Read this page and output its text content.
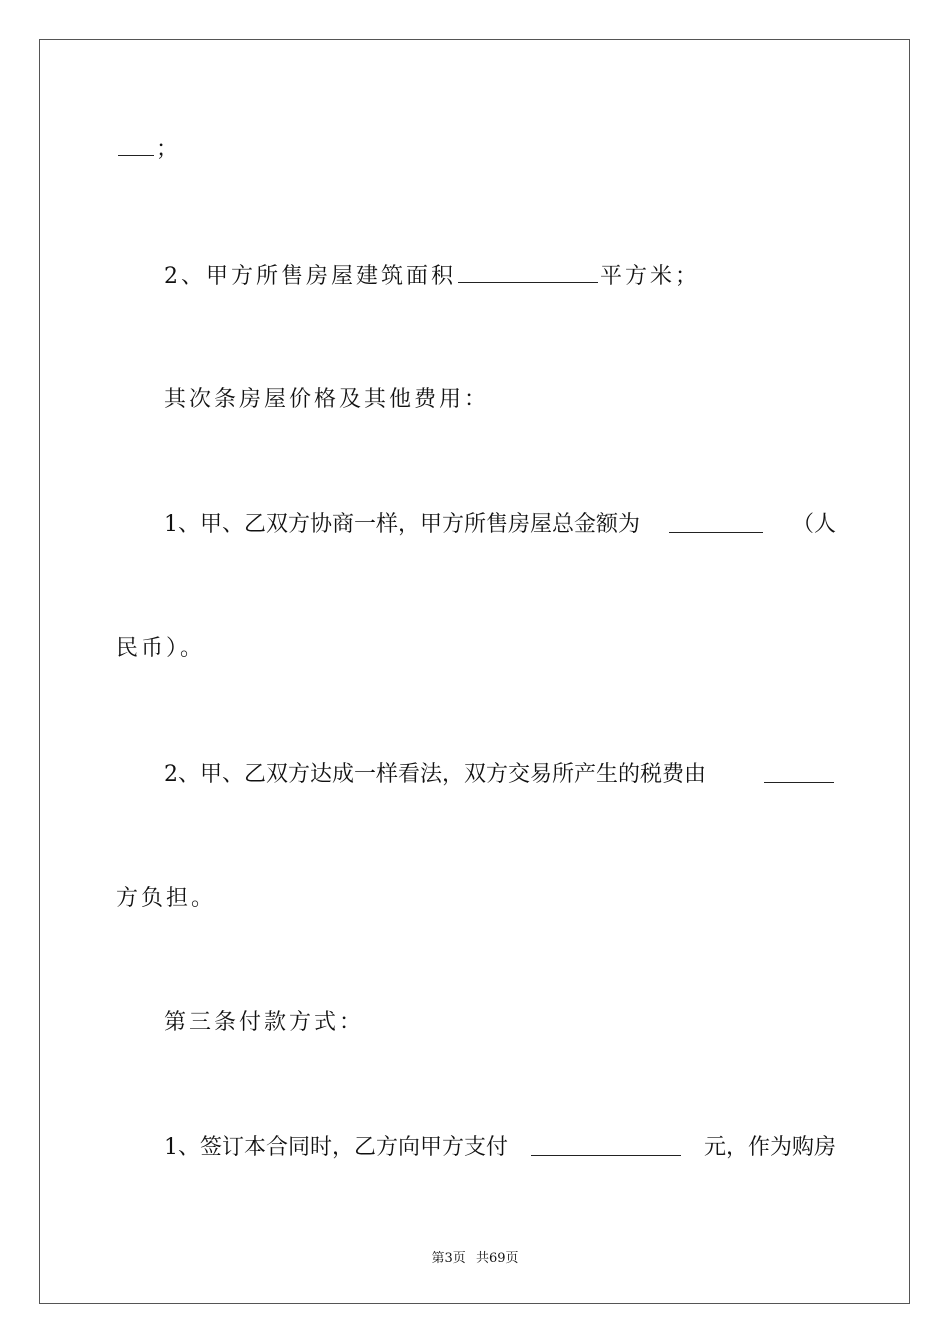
；
2、甲方所售房屋建筑面积	平方米；
其次条房屋价格及其他费用：
1、甲、乙双方协商一样，甲方所售房屋总金额为	（人
民币）。
2、甲、乙双方达成一样看法，双方交易所产生的税费由
方负担。
第三条付款方式：
1、签订本合同时，乙方向甲方支付	元，作为购房
第3页 共69页
